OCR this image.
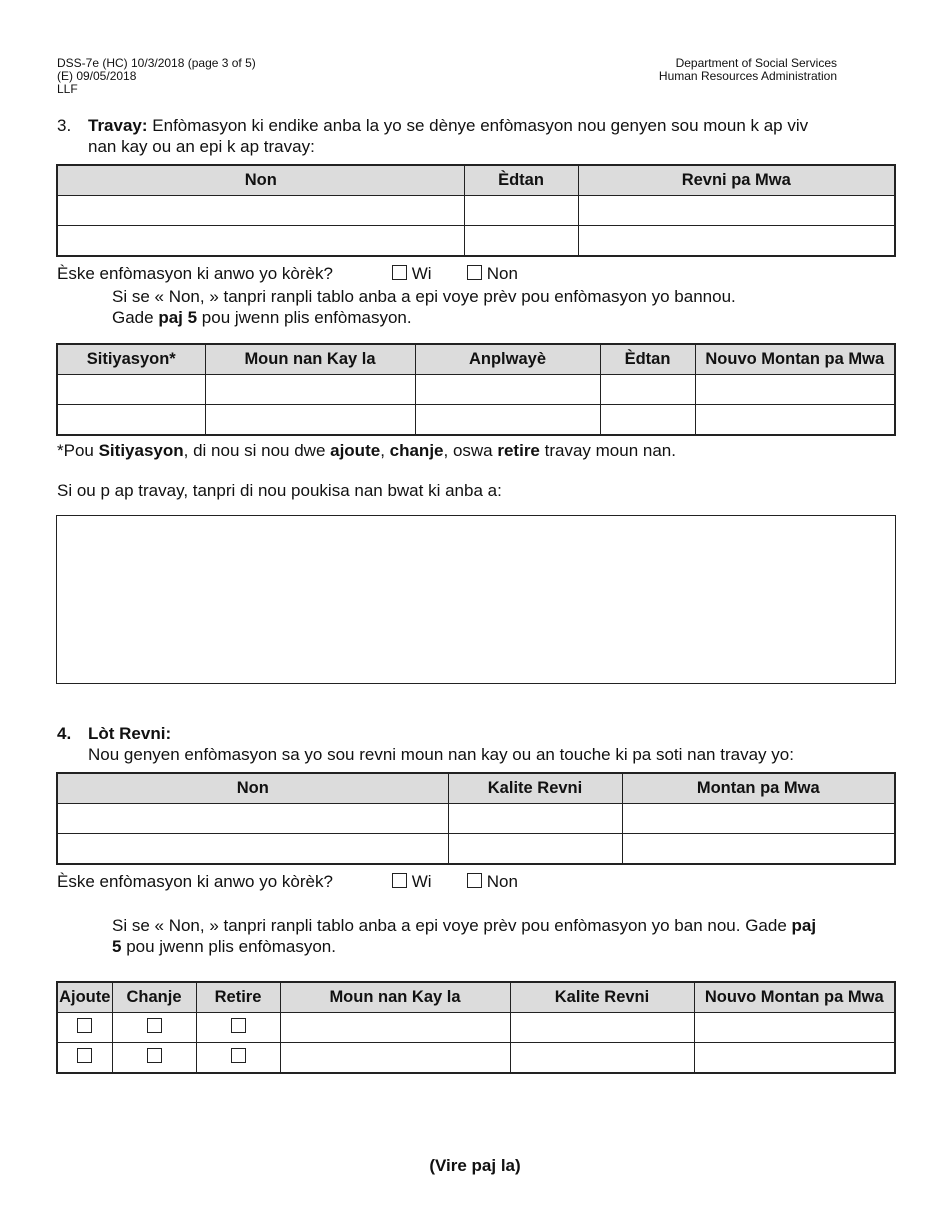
DSS-7e (HC) 10/3/2018 (page 3 of 5)
(E) 09/05/2018
LLF
Department of Social Services
Human Resources Administration
3. Travay: Enfòmasyon ki endike anba la yo se dènye enfòmasyon nou genyen sou moun k ap viv
nan kay ou an epi k ap travay:
Non	Èdtan	Revni pa Mwa

Èske enfòmasyon ki anwo yo kòrèk?	Wi	Non
Si se « Non, » tanpri ranpli tablo anba a epi voye prèv pou enfòmasyon yo bannou.
Gade paj 5 pou jwenn plis enfòmasyon.
Sitiyasyon*	Moun nan Kay la	Anplwayè	Èdtan	Nouvo Montan pa Mwa

*Pou Sitiyasyon, di nou si nou dwe ajoute, chanje, oswa retire travay moun nan.
Si ou p ap travay, tanpri di nou poukisa nan bwat ki anba a:
4. Lòt Revni:
Nou genyen enfòmasyon sa yo sou revni moun nan kay ou an touche ki pa soti nan travay yo:
Non	Kalite Revni	Montan pa Mwa

Èske enfòmasyon ki anwo yo kòrèk?	Wi	Non
Si se « Non, » tanpri ranpli tablo anba a epi voye prèv pou enfòmasyon yo ban nou. Gade paj
5 pou jwenn plis enfòmasyon.
Ajoute	Chanje	Retire	Moun nan Kay la	Kalite Revni	Nouvo Montan pa Mwa

(Vire paj la)
